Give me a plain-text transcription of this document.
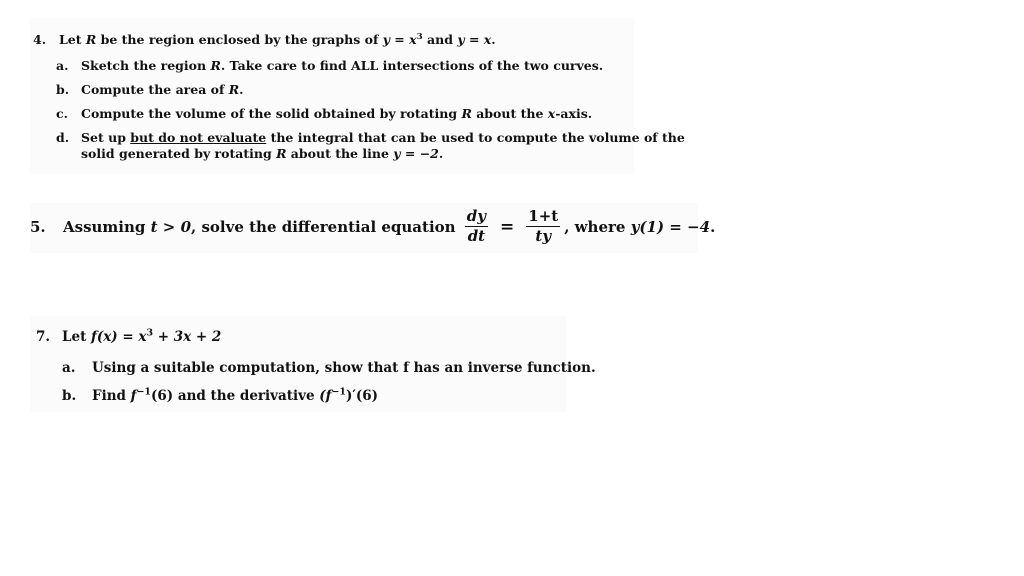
4. Let R be the region enclosed by the graphs of $y = x^3$ and y = x.
a. Sketch the region R. Take care to find ALL intersections of the two curves.
b. Compute the area of R.
c. Compute the volume of the solid obtained by rotating R about the x-axis.
d. Set up but do not evaluate the integral that can be used to compute the volume of the
solid generated by rotating R about the line y = −2.
5.	Assuming
t > 0 , solve the differential equation $\frac{dy}{dt} = \frac{1+t}{ty}$ , where y(1) = −4 .
7. Let $f(x) = x^3 + 3x + 2$
a. Using a suitable computation, show that f has an inverse function.
b. Find $f^{-1}(6)$ and the derivative $(f^{-1})'(6)$
